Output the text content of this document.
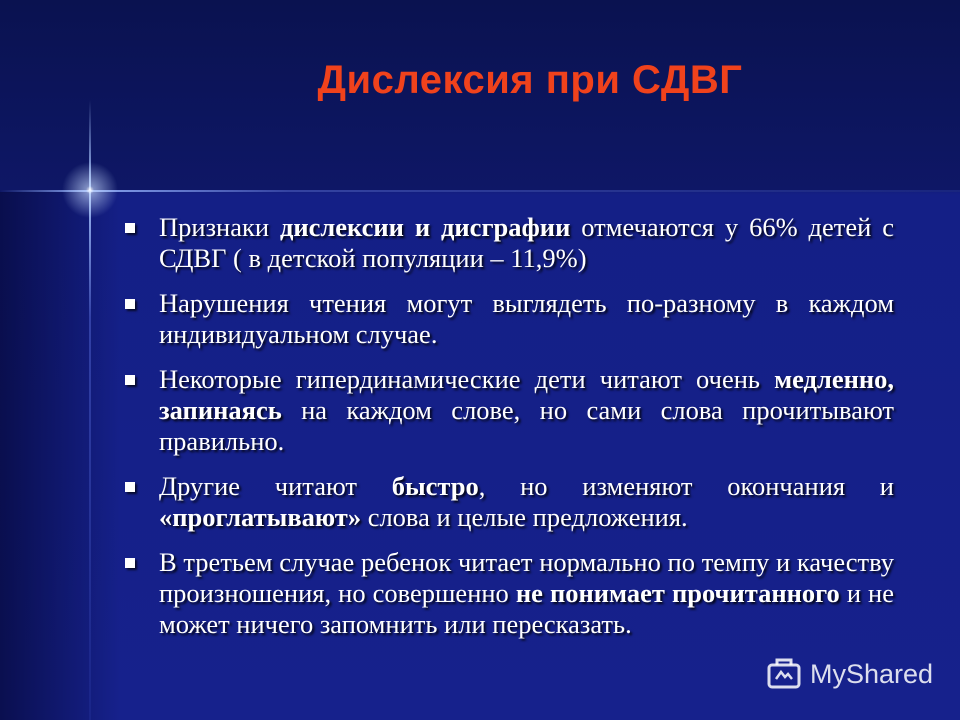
Дислексия при СДВГ
Признаки дислексии и дисграфии отмечаются у 66% детей с СДВГ ( в детской популяции – 11,9%)
Нарушения чтения могут выглядеть по-разному в каждом индивидуальном случае.
Некоторые гипердинамические дети читают очень медленно, запинаясь на каждом слове, но сами слова прочитывают правильно.
Другие читают быстро, но изменяют окончания и «проглатывают» слова и целые предложения.
В третьем случае ребенок читает нормально по темпу и качеству произношения, но совершенно не понимает прочитанного и не может ничего запомнить или пересказать.
MyShared
